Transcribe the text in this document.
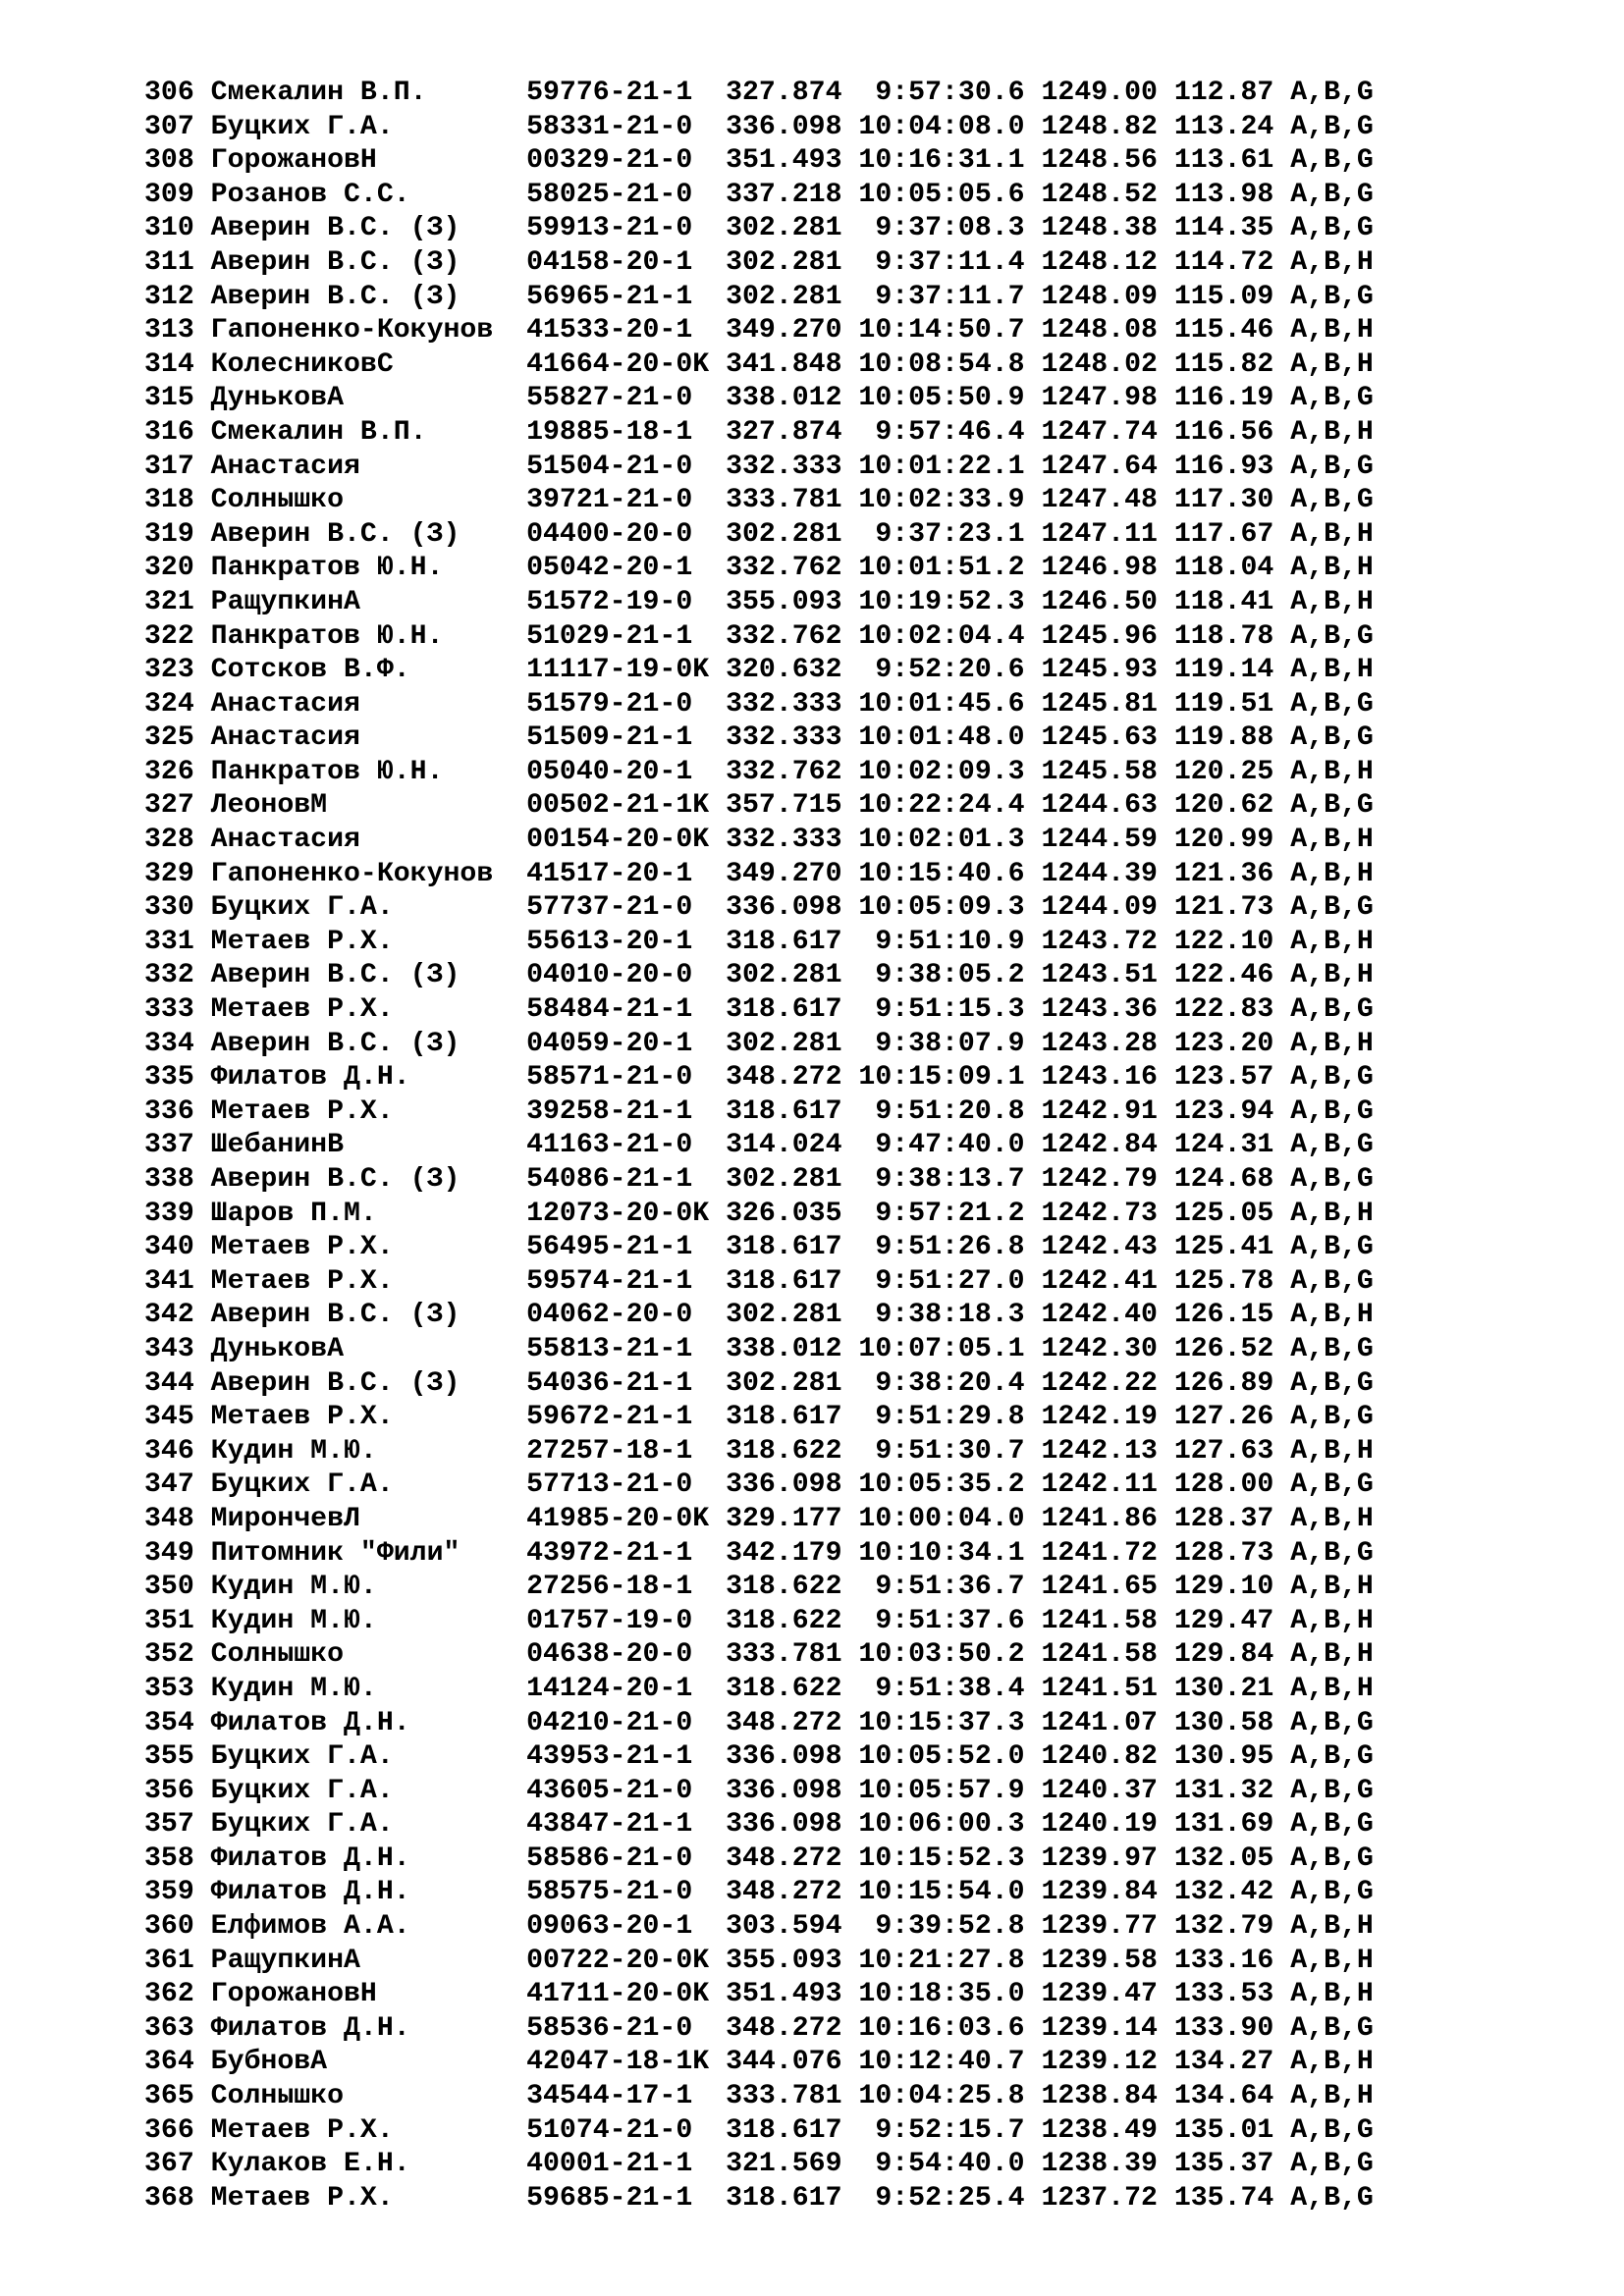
306 Смекалин В.П.      59776-21-1  327.874  9:57:30.6 1249.00 112.87 A,B,G
307 Буцких Г.А.        58331-21-0  336.098 10:04:08.0 1248.82 113.24 A,B,G
308 ГорожановН         00329-21-0  351.493 10:16:31.1 1248.56 113.61 A,B,G
309 Розанов С.С.       58025-21-0  337.218 10:05:05.6 1248.52 113.98 A,B,G
310 Аверин В.С. (З)    59913-21-0  302.281  9:37:08.3 1248.38 114.35 A,B,G
311 Аверин В.С. (З)    04158-20-1  302.281  9:37:11.4 1248.12 114.72 A,B,H
312 Аверин В.С. (З)    56965-21-1  302.281  9:37:11.7 1248.09 115.09 A,B,G
313 Гапоненко-Кокунов 41533-20-1  349.270 10:14:50.7 1248.08 115.46 A,B,H
314 КолесниковС        41664-20-0K 341.848 10:08:54.8 1248.02 115.82 A,B,H
315 ДуньковА           55827-21-0  338.012 10:05:50.9 1247.98 116.19 A,B,G
316 Смекалин В.П.      19885-18-1  327.874  9:57:46.4 1247.74 116.56 A,B,H
317 Анастасия          51504-21-0  332.333 10:01:22.1 1247.64 116.93 A,B,G
318 Солнышко           39721-21-0  333.781 10:02:33.9 1247.48 117.30 A,B,G
319 Аверин В.С. (З)    04400-20-0  302.281  9:37:23.1 1247.11 117.67 A,B,H
320 Панкратов Ю.Н.     05042-20-1  332.762 10:01:51.2 1246.98 118.04 A,B,H
321 РащупкинА          51572-19-0  355.093 10:19:52.3 1246.50 118.41 A,B,H
322 Панкратов Ю.Н.     51029-21-1  332.762 10:02:04.4 1245.96 118.78 A,B,G
323 Сотсков В.Ф.       11117-19-0K 320.632  9:52:20.6 1245.93 119.14 A,B,H
324 Анастасия          51579-21-0  332.333 10:01:45.6 1245.81 119.51 A,B,G
325 Анастасия          51509-21-1  332.333 10:01:48.0 1245.63 119.88 A,B,G
326 Панкратов Ю.Н.     05040-20-1  332.762 10:02:09.3 1245.58 120.25 A,B,H
327 ЛеоновМ            00502-21-1K 357.715 10:22:24.4 1244.63 120.62 A,B,G
328 Анастасия          00154-20-0K 332.333 10:02:01.3 1244.59 120.99 A,B,H
329 Гапоненко-Кокунов 41517-20-1  349.270 10:15:40.6 1244.39 121.36 A,B,H
330 Буцких Г.А.        57737-21-0  336.098 10:05:09.3 1244.09 121.73 A,B,G
331 Метаев Р.Х.        55613-20-1  318.617  9:51:10.9 1243.72 122.10 A,B,H
332 Аверин В.С. (З)    04010-20-0  302.281  9:38:05.2 1243.51 122.46 A,B,H
333 Метаев Р.Х.        58484-21-1  318.617  9:51:15.3 1243.36 122.83 A,B,G
334 Аверин В.С. (З)    04059-20-1  302.281  9:38:07.9 1243.28 123.20 A,B,H
335 Филатов Д.Н.       58571-21-0  348.272 10:15:09.1 1243.16 123.57 A,B,G
336 Метаев Р.Х.        39258-21-1  318.617  9:51:20.8 1242.91 123.94 A,B,G
337 ШебанинВ           41163-21-0  314.024  9:47:40.0 1242.84 124.31 A,B,G
338 Аверин В.С. (З)    54086-21-1  302.281  9:38:13.7 1242.79 124.68 A,B,G
339 Шаров П.М.         12073-20-0K 326.035  9:57:21.2 1242.73 125.05 A,B,H
340 Метаев Р.Х.        56495-21-1  318.617  9:51:26.8 1242.43 125.41 A,B,G
341 Метаев Р.Х.        59574-21-1  318.617  9:51:27.0 1242.41 125.78 A,B,G
342 Аверин В.С. (З)    04062-20-0  302.281  9:38:18.3 1242.40 126.15 A,B,H
343 ДуньковА           55813-21-1  338.012 10:07:05.1 1242.30 126.52 A,B,G
344 Аверин В.С. (З)    54036-21-1  302.281  9:38:20.4 1242.22 126.89 A,B,G
345 Метаев Р.Х.        59672-21-1  318.617  9:51:29.8 1242.19 127.26 A,B,G
346 Кудин М.Ю.         27257-18-1  318.622  9:51:30.7 1242.13 127.63 A,B,H
347 Буцких Г.А.        57713-21-0  336.098 10:05:35.2 1242.11 128.00 A,B,G
348 МирончевЛ          41985-20-0K 329.177 10:00:04.0 1241.86 128.37 A,B,H
349 Питомник "Фили"    43972-21-1  342.179 10:10:34.1 1241.72 128.73 A,B,G
350 Кудин М.Ю.         27256-18-1  318.622  9:51:36.7 1241.65 129.10 A,B,H
351 Кудин М.Ю.         01757-19-0  318.622  9:51:37.6 1241.58 129.47 A,B,H
352 Солнышко           04638-20-0  333.781 10:03:50.2 1241.58 129.84 A,B,H
353 Кудин М.Ю.         14124-20-1  318.622  9:51:38.4 1241.51 130.21 A,B,H
354 Филатов Д.Н.       04210-21-0  348.272 10:15:37.3 1241.07 130.58 A,B,G
355 Буцких Г.А.        43953-21-1  336.098 10:05:52.0 1240.82 130.95 A,B,G
356 Буцких Г.А.        43605-21-0  336.098 10:05:57.9 1240.37 131.32 A,B,G
357 Буцких Г.А.        43847-21-1  336.098 10:06:00.3 1240.19 131.69 A,B,G
358 Филатов Д.Н.       58586-21-0  348.272 10:15:52.3 1239.97 132.05 A,B,G
359 Филатов Д.Н.       58575-21-0  348.272 10:15:54.0 1239.84 132.42 A,B,G
360 Елфимов А.А.       09063-20-1  303.594  9:39:52.8 1239.77 132.79 A,B,H
361 РащупкинА          00722-20-0K 355.093 10:21:27.8 1239.58 133.16 A,B,H
362 ГорожановН         41711-20-0K 351.493 10:18:35.0 1239.47 133.53 A,B,H
363 Филатов Д.Н.       58536-21-0  348.272 10:16:03.6 1239.14 133.90 A,B,G
364 БубновА            42047-18-1K 344.076 10:12:40.7 1239.12 134.27 A,B,H
365 Солнышко           34544-17-1  333.781 10:04:25.8 1238.84 134.64 A,B,H
366 Метаев Р.Х.        51074-21-0  318.617  9:52:15.7 1238.49 135.01 A,B,G
367 Кулаков Е.Н.       40001-21-1  321.569  9:54:40.0 1238.39 135.37 A,B,G
368 Метаев Р.Х.        59685-21-1  318.617  9:52:25.4 1237.72 135.74 A,B,G
